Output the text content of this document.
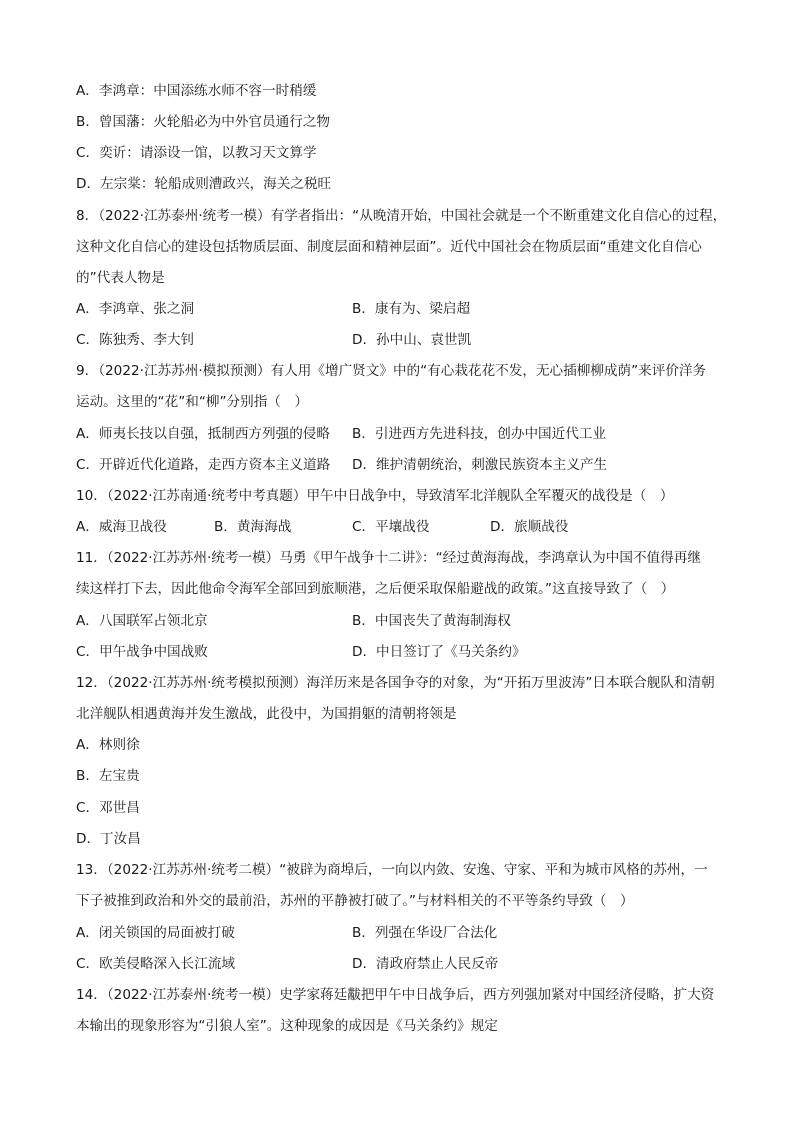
A．李鸿章：中国添练水师不容一时稍缓
B．曾国藩：火轮船必为中外官员通行之物
C．奕䜣：请添设一馆，以教习天文算学
D．左宗棠：轮船成则漕政兴，海关之税旺
8．（2022·江苏泰州·统考一模）有学者指出：“从晚清开始，中国社会就是一个不断重建文化自信心的过程，
这种文化自信心的建设包括物质层面、制度层面和精神层面”。近代中国社会在物质层面“重建文化自信心
的”代表人物是
A．李鸿章、张之洞	B．康有为、梁启超
C．陈独秀、李大钊	D．孙中山、袁世凯
9．（2022·江苏苏州·模拟预测）有人用《增广贤文》中的“有心栽花花不发，无心插柳柳成荫”来评价洋务
运动。这里的“花”和“柳”分别指（　）
A．师夷长技以自强，抵制西方列强的侵略 B．引进西方先进科技，创办中国近代工业
C．开辟近代化道路，走西方资本主义道路 D．维护清朝统治，刺激民族资本主义产生
10．（2022·江苏南通·统考中考真题）甲午中日战争中，导致清军北洋舰队全军覆灭的战役是（　）
A．威海卫战役	B．黄海海战	C．平壤战役	D．旅顺战役
11．（2022·江苏苏州·统考一模）马勇《甲午战争十二讲》：“经过黄海海战，李鸿章认为中国不值得再继
续这样打下去，因此他命令海军全部回到旅顺港，之后便采取保船避战的政策。”这直接导致了（　）
A．八国联军占领北京	B．中国丧失了黄海制海权
C．甲午战争中国战败	D．中日签订了《马关条约》
12．（2022·江苏苏州·统考模拟预测）海洋历来是各国争夺的对象，为“开拓万里波涛”日本联合舰队和清朝
北洋舰队相遇黄海并发生激战，此役中，为国捐躯的清朝将领是
A．林则徐
B．左宝贵
C．邓世昌
D．丁汝昌
13．（2022·江苏苏州·统考二模）“被辟为商埠后，一向以内敛、安逸、守家、平和为城市风格的苏州，一
下子被推到政治和外交的最前沿，苏州的平静被打破了。”与材料相关的不平等条约导致（　）
A．闭关锁国的局面被打破	B．列强在华设厂合法化
C．欧美侵略深入长江流域	D．清政府禁止人民反帝
14．（2022·江苏泰州·统考一模）史学家蒋廷黻把甲午中日战争后，西方列强加紧对中国经济侵略，扩大资
本输出的现象形容为“引狼人室”。这种现象的成因是《马关条约》规定
